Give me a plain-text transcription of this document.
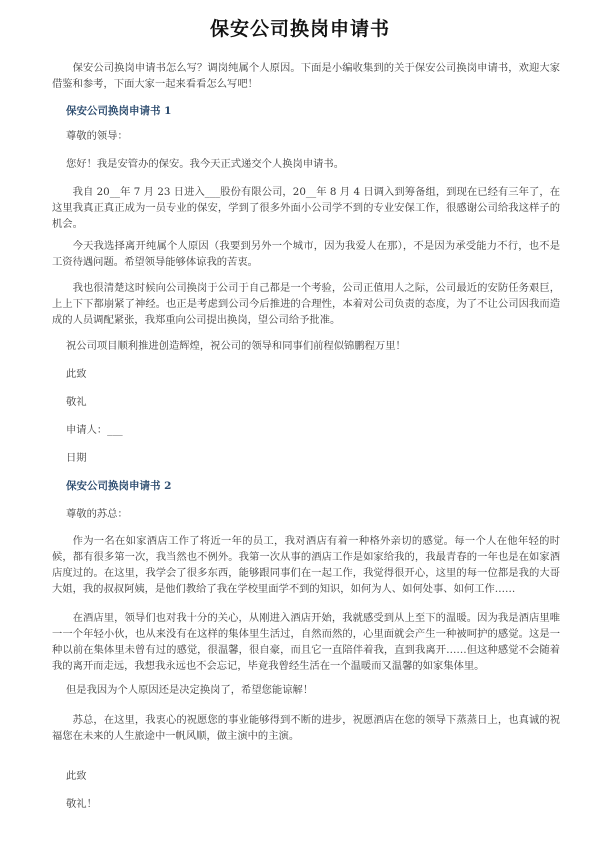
保安公司换岗申请书

保安公司换岗申请书怎么写？调岗纯属个人原因。下面是小编收集到的关于保安公司换岗申请书，欢迎大家借鉴和参考，下面大家一起来看看怎么写吧！

保安公司换岗申请书 1

尊敬的领导：

您好！我是安管办的保安。我今天正式递交个人换岗申请书。

我自 20__年 7 月 23 日进入___股份有限公司，20__年 8 月 4 日调入到筹备组，到现在已经有三年了，在这里我真正真正成为一员专业的保安，学到了很多外面小公司学不到的专业安保工作，很感谢公司给我这样子的机会。

今天我选择离开纯属个人原因（我要到另外一个城市，因为我爱人在那），不是因为承受能力不行，也不是工资待遇问题。希望领导能够体谅我的苦衷。

我也很清楚这时候向公司换岗于公司于自己都是一个考验，公司正值用人之际，公司最近的安防任务艰巨，上上下下都崩紧了神经。也正是考虑到公司今后推进的合理性，本着对公司负责的态度，为了不让公司因我而造成的人员调配紧张，我郑重向公司提出换岗，望公司给予批准。

祝公司项目顺利推进创造辉煌，祝公司的领导和同事们前程似锦鹏程万里！

此致

敬礼

申请人：___

日期

保安公司换岗申请书 2

尊敬的苏总：

作为一名在如家酒店工作了将近一年的员工，我对酒店有着一种格外亲切的感觉。每一个人在他年轻的时候，都有很多第一次，我当然也不例外。我第一次从事的酒店工作是如家给我的，我最青春的一年也是在如家酒店度过的。在这里，我学会了很多东西，能够跟同事们在一起工作，我觉得很开心，这里的每一位都是我的大哥大姐，我的叔叔阿姨，是他们教给了我在学校里面学不到的知识，如何为人、如何处事、如何工作……

在酒店里，领导们也对我十分的关心，从刚进入酒店开始，我就感受到从上至下的温暖。因为我是酒店里唯一一个年轻小伙，也从来没有在这样的集体里生活过，自然而然的，心里面就会产生一种被呵护的感觉。这是一种以前在集体里未曾有过的感觉，很温馨，很自豪，而且它一直陪伴着我，直到我离开……但这种感觉不会随着我的离开而走远，我想我永远也不会忘记，毕竟我曾经生活在一个温暖而又温馨的如家集体里。

但是我因为个人原因还是决定换岗了，希望您能谅解！

苏总，在这里，我衷心的祝愿您的事业能够得到不断的进步，祝愿酒店在您的领导下蒸蒸日上，也真诚的祝福您在未来的人生旅途中一帆风顺，做主演中的主演。

此致

敬礼！
